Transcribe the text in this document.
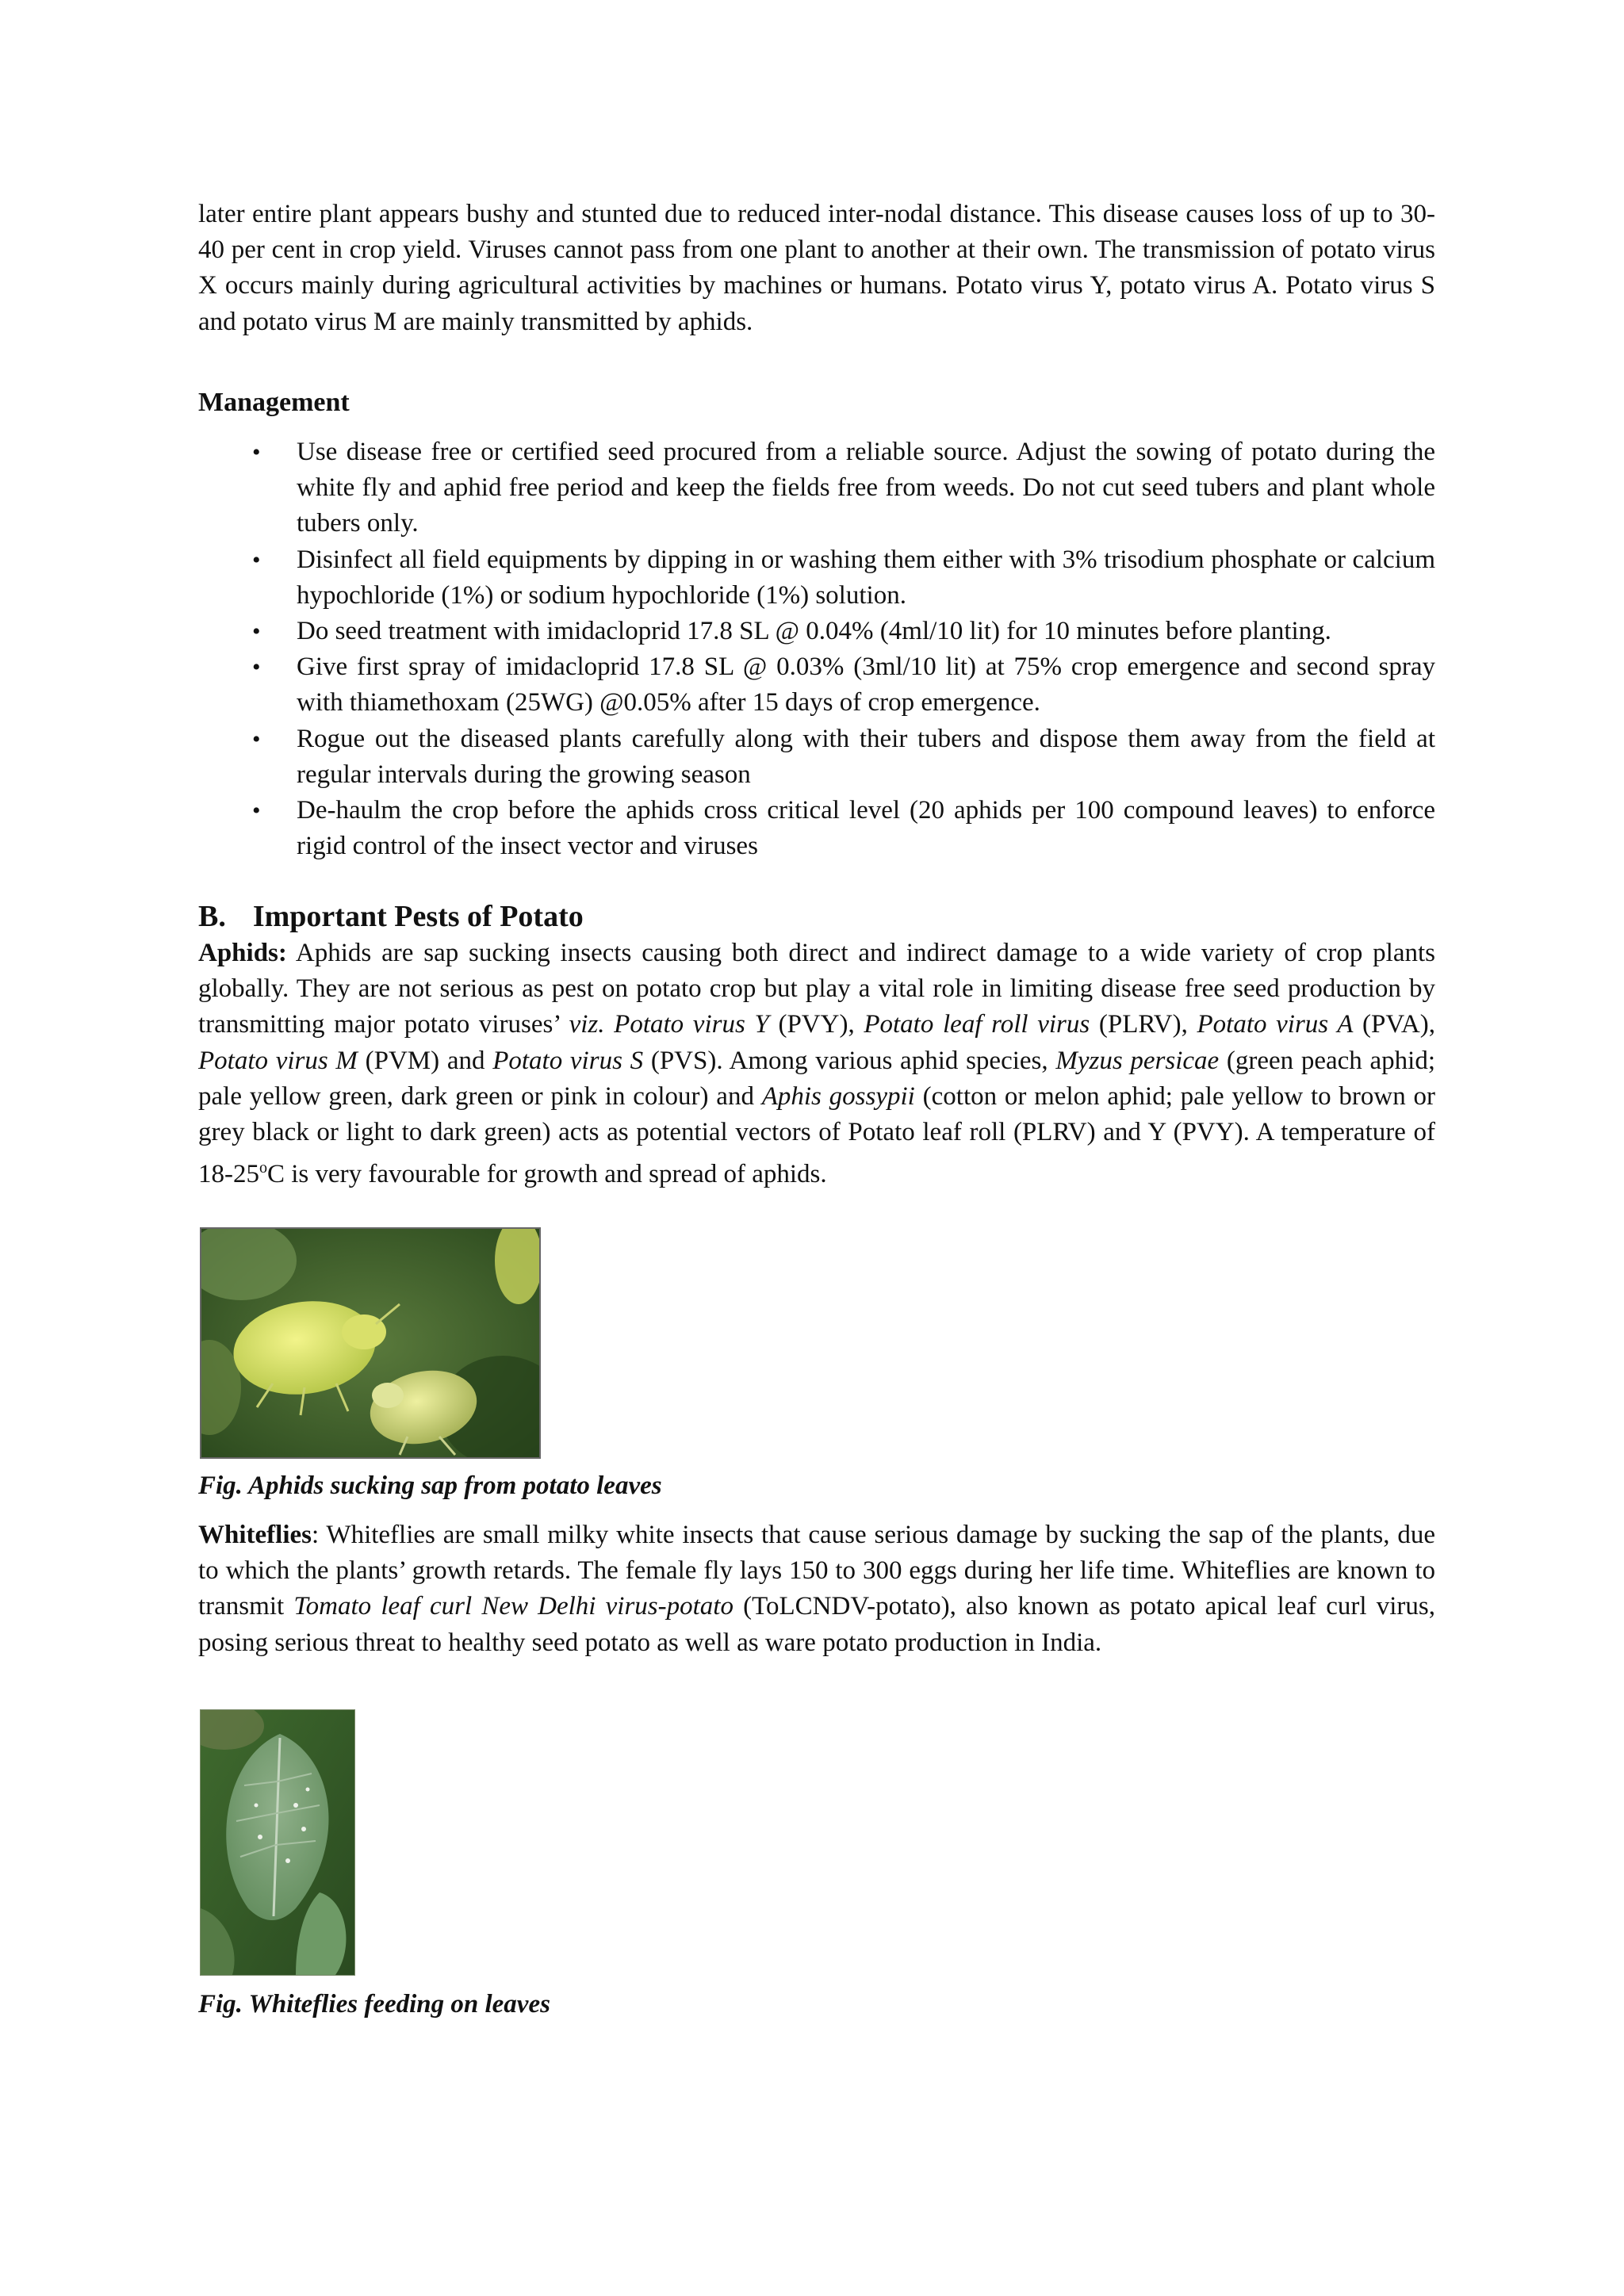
later entire plant appears bushy and stunted due to reduced inter-nodal distance. This disease causes loss of up to 30-40 per cent in crop yield. Viruses cannot pass from one plant to another at their own. The transmission of potato virus X occurs mainly during agricultural activities by machines or humans. Potato virus Y, potato virus A. Potato virus S and potato virus M are mainly transmitted by aphids.

Management

• Use disease free or certified seed procured from a reliable source. Adjust the sowing of potato during the white fly and aphid free period and keep the fields free from weeds. Do not cut seed tubers and plant whole tubers only.
• Disinfect all field equipments by dipping in or washing them either with 3% trisodium phosphate or calcium hypochloride (1%) or sodium hypochloride (1%) solution.
• Do seed treatment with imidacloprid 17.8 SL @ 0.04% (4ml/10 lit) for 10 minutes before planting.
• Give first spray of imidacloprid 17.8 SL @ 0.03% (3ml/10 lit) at 75% crop emergence and second spray with thiamethoxam (25WG) @0.05% after 15 days of crop emergence.
• Rogue out the diseased plants carefully along with their tubers and dispose them away from the field at regular intervals during the growing season
• De-haulm the crop before the aphids cross critical level (20 aphids per 100 compound leaves) to enforce rigid control of the insect vector and viruses

B. Important Pests of Potato

Aphids: Aphids are sap sucking insects causing both direct and indirect damage to a wide variety of crop plants globally. They are not serious as pest on potato crop but play a vital role in limiting disease free seed production by transmitting major potato viruses’ viz. Potato virus Y (PVY), Potato leaf roll virus (PLRV), Potato virus A (PVA), Potato virus M (PVM) and Potato virus S (PVS). Among various aphid species, Myzus persicae (green peach aphid; pale yellow green, dark green or pink in colour) and Aphis gossypii (cotton or melon aphid; pale yellow to brown or grey black or light to dark green) acts as potential vectors of Potato leaf roll (PLRV) and Y (PVY). A temperature of 18-25$^o$C is very favourable for growth and spread of aphids.

Fig. Aphids sucking sap from potato leaves

Whiteflies: Whiteflies are small milky white insects that cause serious damage by sucking the sap of the plants, due to which the plants’ growth retards. The female fly lays 150 to 300 eggs during her life time. Whiteflies are known to transmit Tomato leaf curl New Delhi virus-potato (ToLCNDV-potato), also known as potato apical leaf curl virus, posing serious threat to healthy seed potato as well as ware potato production in India.

Fig. Whiteflies feeding on leaves
